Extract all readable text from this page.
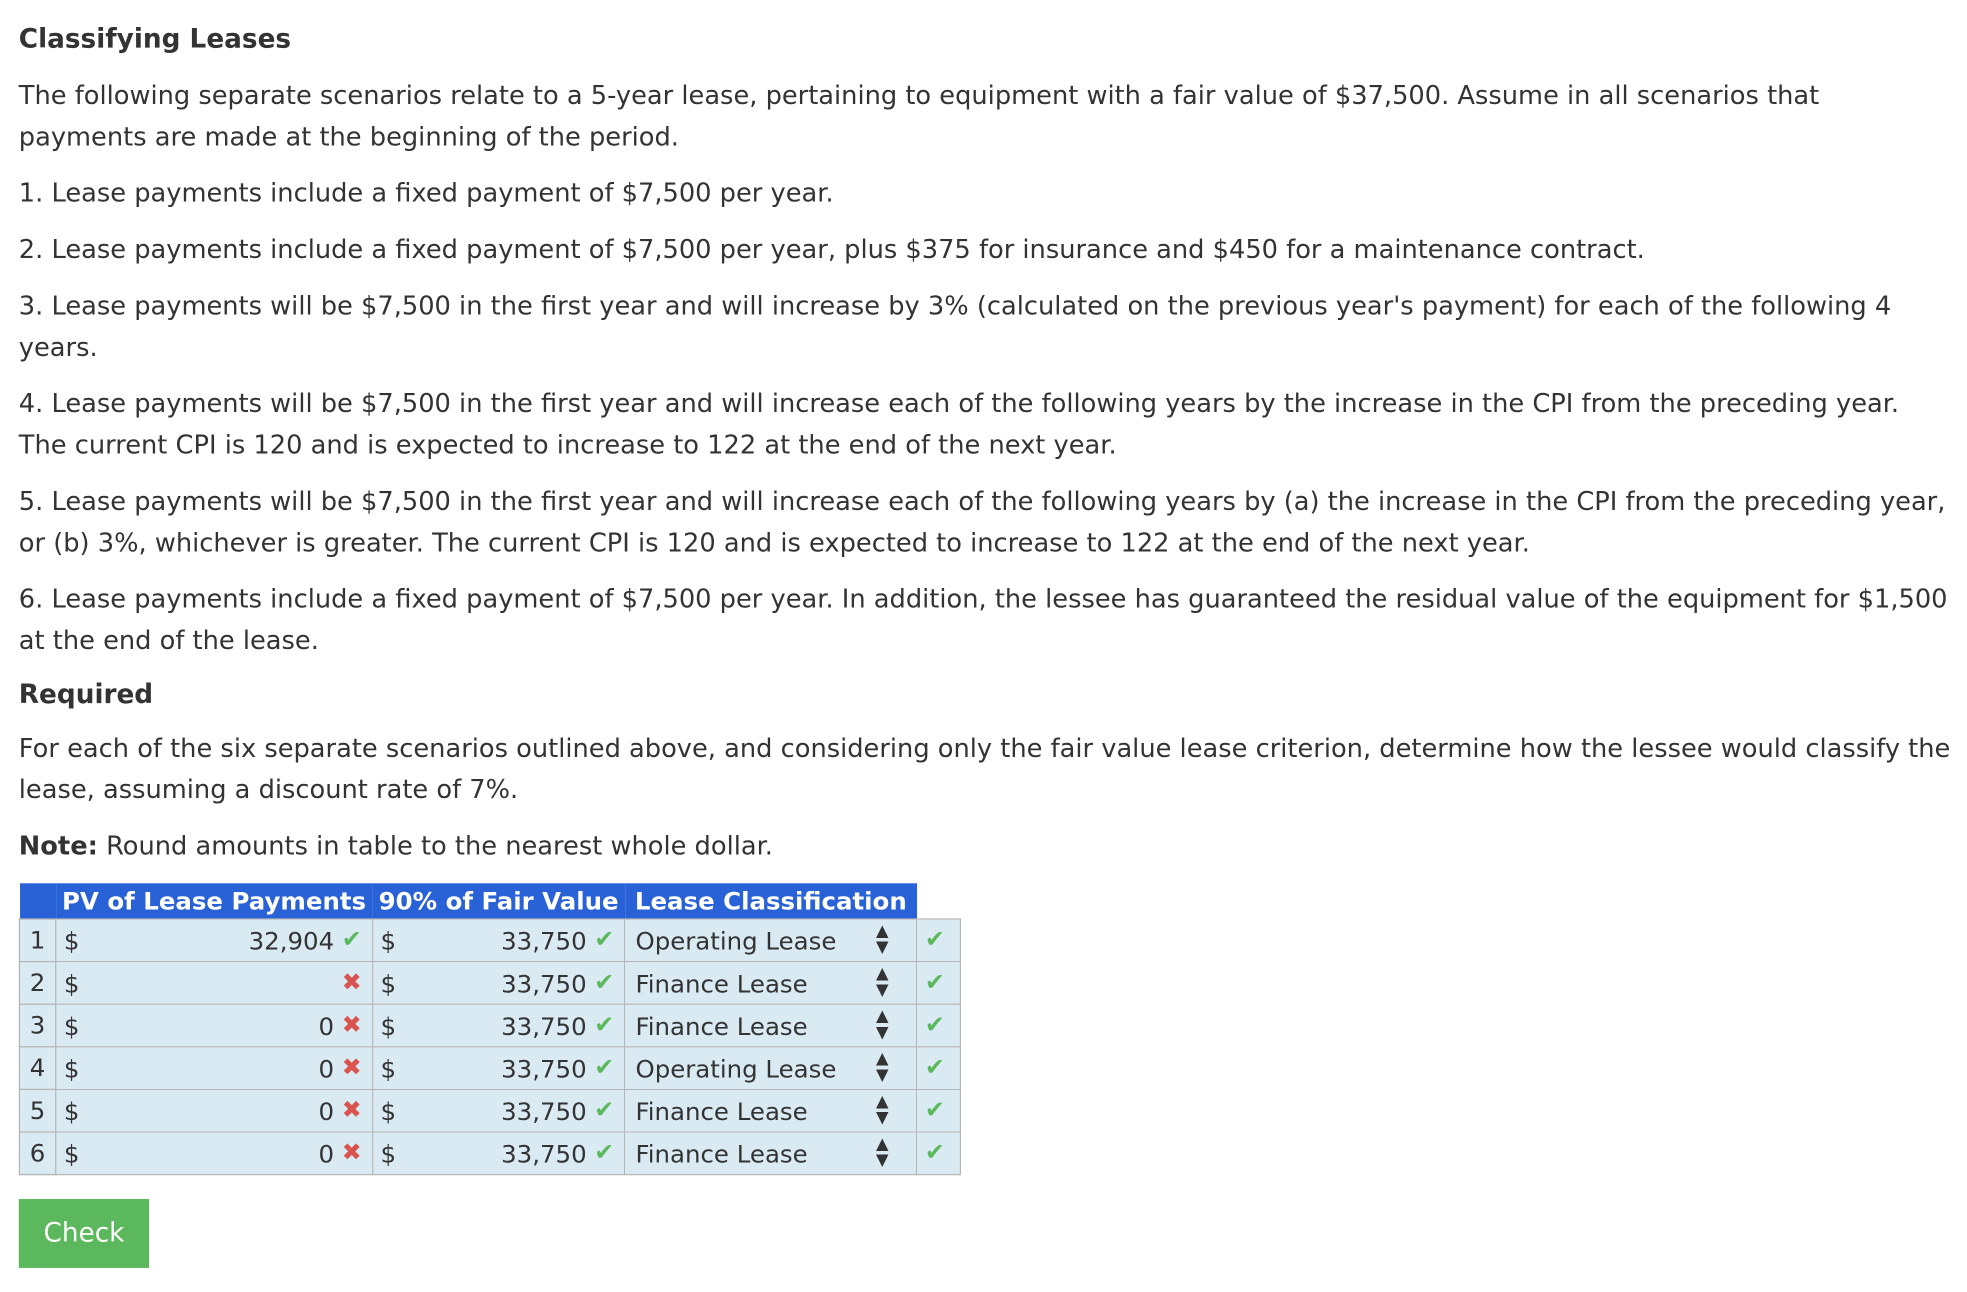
Classifying Leases

The following separate scenarios relate to a 5-year lease, pertaining to equipment with a fair value of $37,500. Assume in all scenarios that payments are made at the beginning of the period.

1. Lease payments include a fixed payment of $7,500 per year.

2. Lease payments include a fixed payment of $7,500 per year, plus $375 for insurance and $450 for a maintenance contract.

3. Lease payments will be $7,500 in the first year and will increase by 3% (calculated on the previous year's payment) for each of the following 4 years.

4. Lease payments will be $7,500 in the first year and will increase each of the following years by the increase in the CPI from the preceding year. The current CPI is 120 and is expected to increase to 122 at the end of the next year.

5. Lease payments will be $7,500 in the first year and will increase each of the following years by (a) the increase in the CPI from the preceding year, or (b) 3%, whichever is greater. The current CPI is 120 and is expected to increase to 122 at the end of the next year.

6. Lease payments include a fixed payment of $7,500 per year. In addition, the lessee has guaranteed the residual value of the equipment for $1,500 at the end of the lease.

Required

For each of the six separate scenarios outlined above, and considering only the fair value lease criterion, determine how the lessee would classify the lease, assuming a discount rate of 7%.

Note: Round amounts in table to the nearest whole dollar.

	PV of Lease Payments	90% of Fair Value	Lease Classification	
1	$ 32,904 ✔	$ 33,750 ✔	Operating Lease ▲
▼	✔

2	$ ✖	$ 33,750 ✔	Finance Lease ▲
▼	✔

3	$ 0 ✖	$ 33,750 ✔	Finance Lease ▲
▼	✔

4	$ 0 ✖	$ 33,750 ✔	Operating Lease ▲
▼	✔

5	$ 0 ✖	$ 33,750 ✔	Finance Lease ▲
▼	✔

6	$ 0 ✖	$ 33,750 ✔	Finance Lease ▲
▼	✔
Check
